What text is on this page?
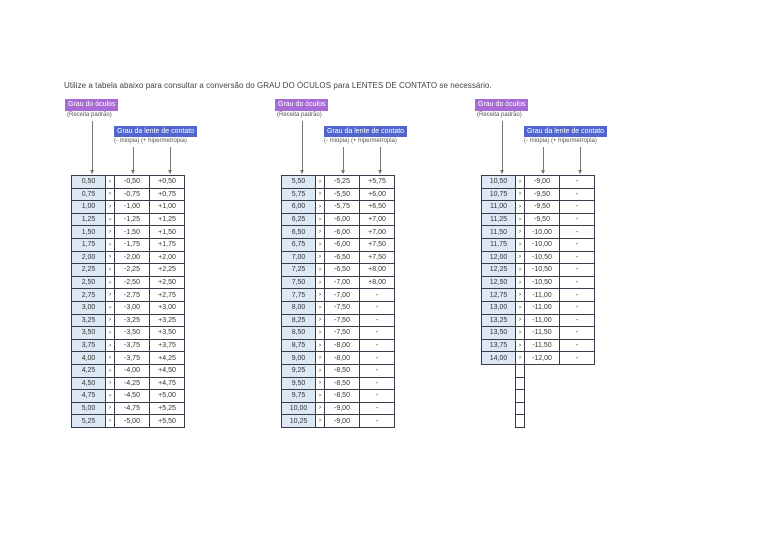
Utilize a tabela abaixo para consultar a conversão do GRAU DO ÓCULOS para LENTES DE CONTATO se necessário.
Grau do óculos
(Receita padrão)
Grau da lente de contato
(- miopia) (+ hipermetropia)
0,50	>	-0,50	+0,50
0,75	>	-0,75	+0,75
1,00	>	-1,00	+1,00
1,25	>	-1,25	+1,25
1,50	>	-1,50	+1,50
1,75	>	-1,75	+1,75
2,00	>	-2,00	+2,00
2,25	>	-2,25	+2,25
2,50	>	-2,50	+2,50
2,75	>	-2,75	+2,75
3,00	>	-3,00	+3,00
3,25	>	-3,25	+3,25
3,50	>	-3,50	+3,50
3,75	>	-3,75	+3,75
4,00	>	-3,75	+4,25
4,25	>	-4,00	+4,50
4,50	>	-4,25	+4,75
4,75	>	-4,50	+5,00
5,00	>	-4,75	+5,25
5,25	>	-5,00	+5,50
Grau do óculos
(Receita padrão)
Grau da lente de contato
(- miopia) (+ hipermetropia)
5,50	>	-5,25	+5,75
5,75	>	-5,50	+6,00
6,00	>	-5,75	+6,50
6,25	>	-6,00	+7,00
6,50	>	-6,00	+7,00
6,75	>	-6,00	+7,50
7,00	>	-6,50	+7,50
7,25	>	-6,50	+8,00
7,50	>	-7,00	+8,00
7,75	>	-7,00	-
8,00	>	-7,50	-
8,25	>	-7,50	-
8,50	>	-7,50	-
8,75	>	-8,00	-
9,00	>	-8,00	-
9,25	>	-8,50	-
9,50	>	-8,50	-
9,75	>	-8,50	-
10,00	>	-9,00	-
10,25	>	-9,00	-
Grau do óculos
(Receita padrão)
Grau da lente de contato
(- miopia) (+ hipermetropia)
10,50	>	-9,00	-
10,75	>	-9,50	-
11,00	>	-9,50	-
11,25	>	-9,50	-
11,50	>	-10,00	-
11,75	>	-10,00	-
12,00	>	-10,50	-
12,25	>	-10,50	-
12,50	>	-10,50	-
12,75	>	-11,00	-
13,00	>	-11,00	-
13,25	>	-11,00	-
13,50	>	-11,50	-
13,75	>	-11,50	-
14,00	>	-12,00	-
